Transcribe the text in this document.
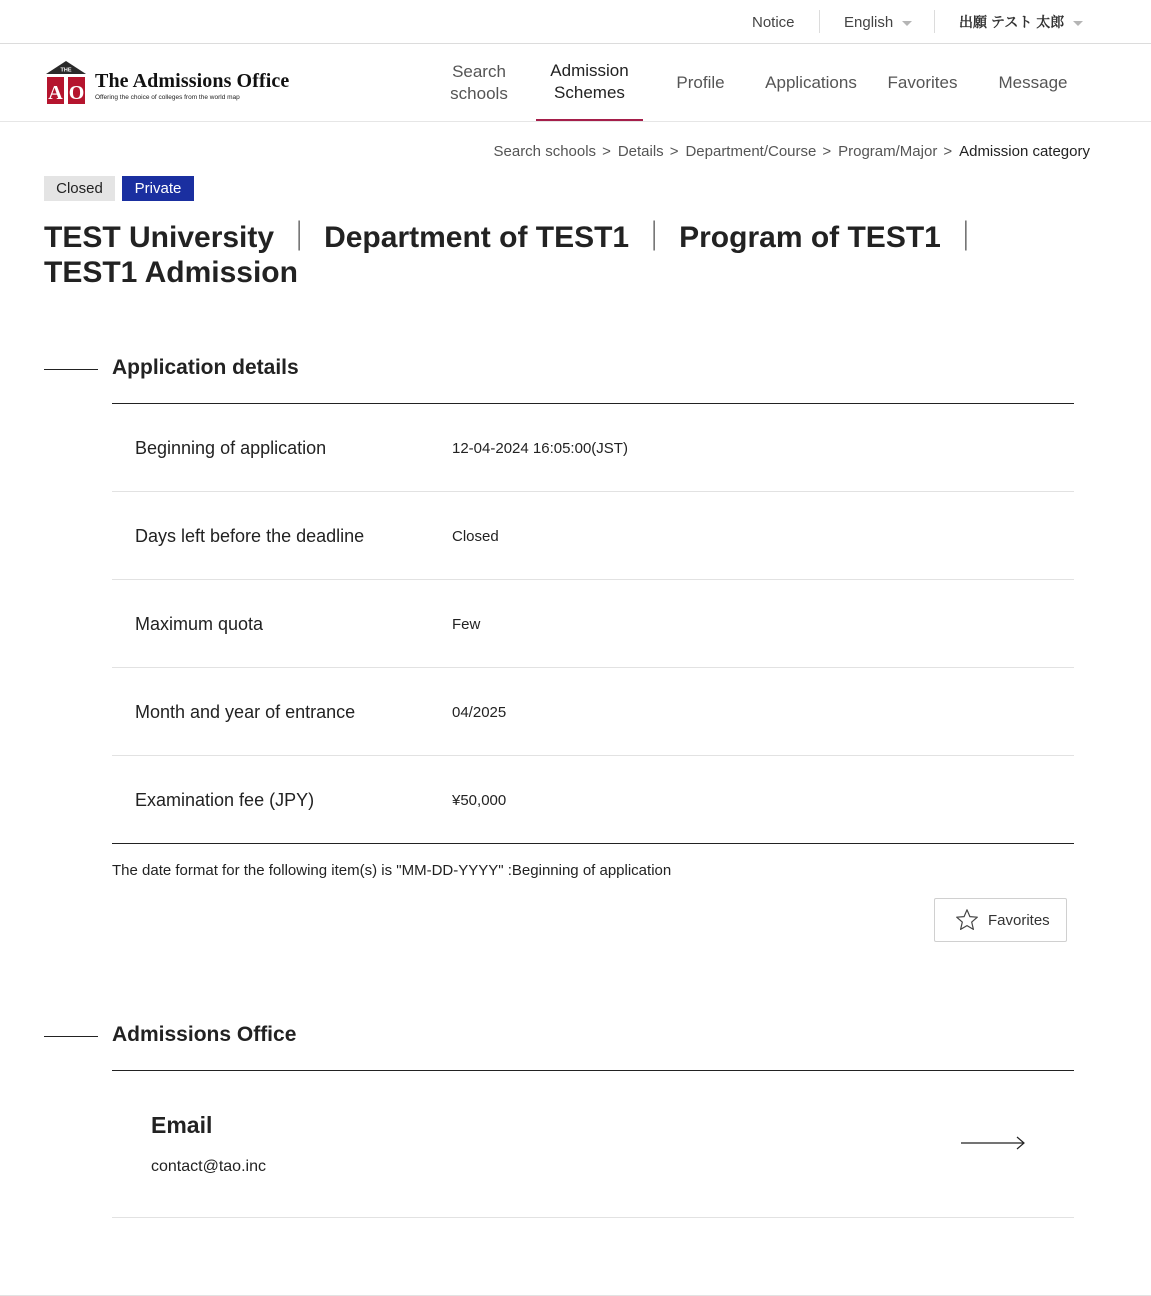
Notice	English	出願 テスト 太郎
THE
A O
The Admissions Office
Offering the choice of colleges from the world map
Search schools
Admission
Schemes
Profile Applications Favorites Message
Search schools > Details > Department/Course > Program/Major > Admission category
Closed	Private
TEST University ｜ Department of TEST1 ｜ Program of TEST1 ｜TEST1 Admission
Application details
Beginning of application	12-04-2024 16:05:00(JST)
Days left before the deadline	Closed
Maximum quota	Few
Month and year of entrance	04/2025
Examination fee (JPY)	¥50,000
The date format for the following item(s) is "MM-DD-YYYY" :Beginning of application
Favorites
Admissions Office
Email
contact@tao.inc
